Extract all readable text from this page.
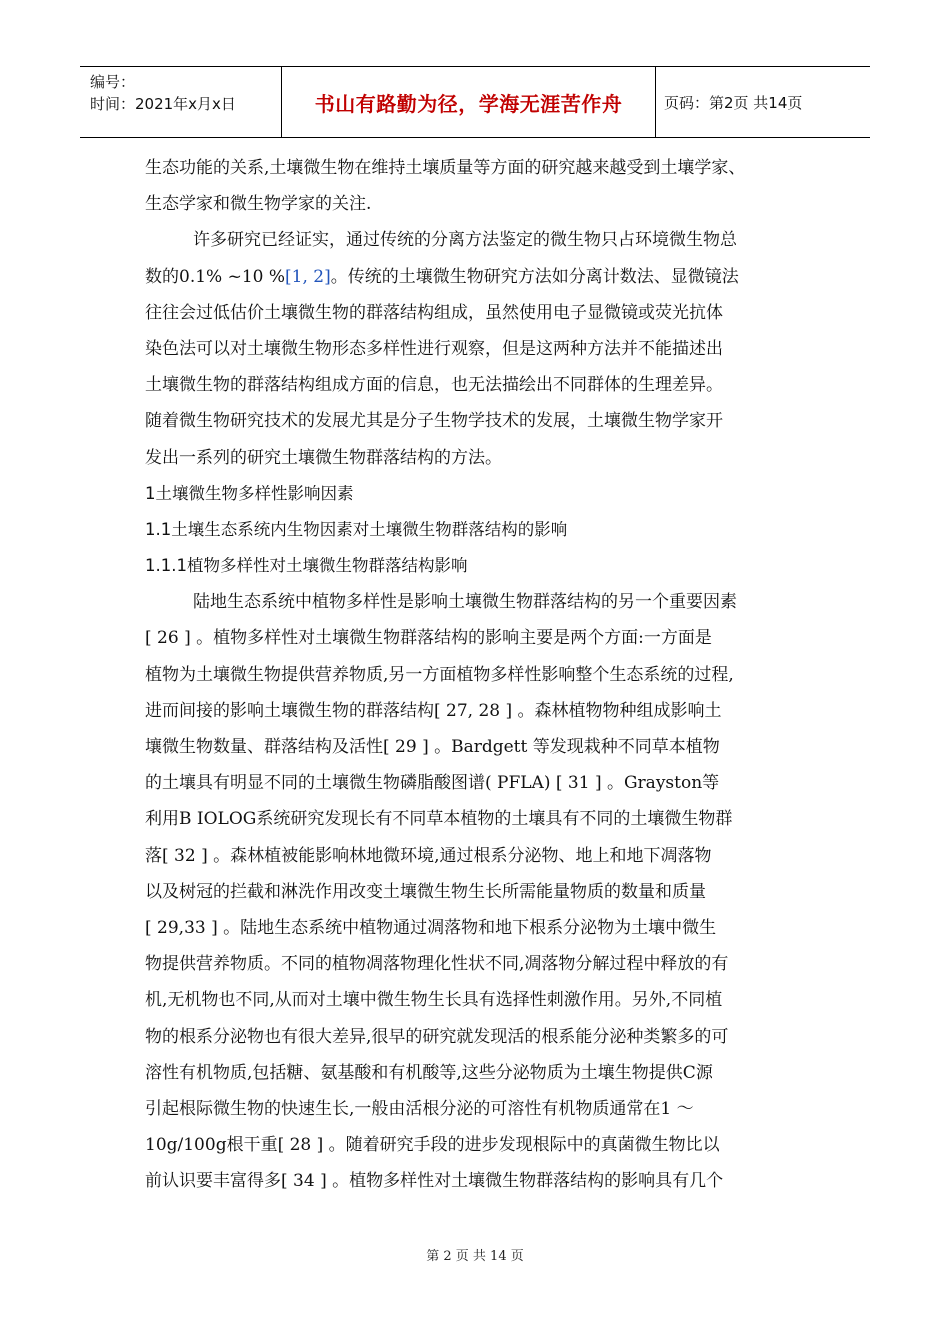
编号：
时间：2021年x月x日	书山有路勤为径，学海无涯苦作舟	页码：第2页 共14页
生态功能的关系,土壤微生物在维持土壤质量等方面的研究越来越受到土壤学家、
生态学家和微生物学家的关注.
许多研究已经证实，通过传统的分离方法鉴定的微生物只占环境微生物总
数的0.1% ~10 %[1, 2]。传统的土壤微生物研究方法如分离计数法、显微镜法
往往会过低估价土壤微生物的群落结构组成，虽然使用电子显微镜或荧光抗体
染色法可以对土壤微生物形态多样性进行观察，但是这两种方法并不能描述出
土壤微生物的群落结构组成方面的信息，也无法描绘出不同群体的生理差异。
随着微生物研究技术的发展尤其是分子生物学技术的发展，土壤微生物学家开
发出一系列的研究土壤微生物群落结构的方法。
1土壤微生物多样性影响因素
1.1土壤生态系统内生物因素对土壤微生物群落结构的影响
1.1.1植物多样性对土壤微生物群落结构影响
陆地生态系统中植物多样性是影响土壤微生物群落结构的另一个重要因素
[ 26 ] 。植物多样性对土壤微生物群落结构的影响主要是两个方面:一方面是
植物为土壤微生物提供营养物质,另一方面植物多样性影响整个生态系统的过程,
进而间接的影响土壤微生物的群落结构[ 27, 28 ] 。森林植物物种组成影响土
壤微生物数量、群落结构及活性[ 29 ] 。Bardgett 等发现栽种不同草本植物
的土壤具有明显不同的土壤微生物磷脂酸图谱( PFLA) [ 31 ] 。Grayston等
利用B IOLOG系统研究发现长有不同草本植物的土壤具有不同的土壤微生物群
落[ 32 ] 。森林植被能影响林地微环境,通过根系分泌物、地上和地下凋落物
以及树冠的拦截和淋洗作用改变土壤微生物生长所需能量物质的数量和质量
[ 29,33 ] 。陆地生态系统中植物通过凋落物和地下根系分泌物为土壤中微生
物提供营养物质。不同的植物凋落物理化性状不同,凋落物分解过程中释放的有
机,无机物也不同,从而对土壤中微生物生长具有选择性刺激作用。另外,不同植
物的根系分泌物也有很大差异,很早的研究就发现活的根系能分泌种类繁多的可
溶性有机物质,包括糖、氨基酸和有机酸等,这些分泌物质为土壤生物提供C源
引起根际微生物的快速生长,一般由活根分泌的可溶性有机物质通常在1 ～
10g/100g根干重[ 28 ] 。随着研究手段的进步发现根际中的真菌微生物比以
前认识要丰富得多[ 34 ] 。植物多样性对土壤微生物群落结构的影响具有几个
第 2 页 共 14 页
